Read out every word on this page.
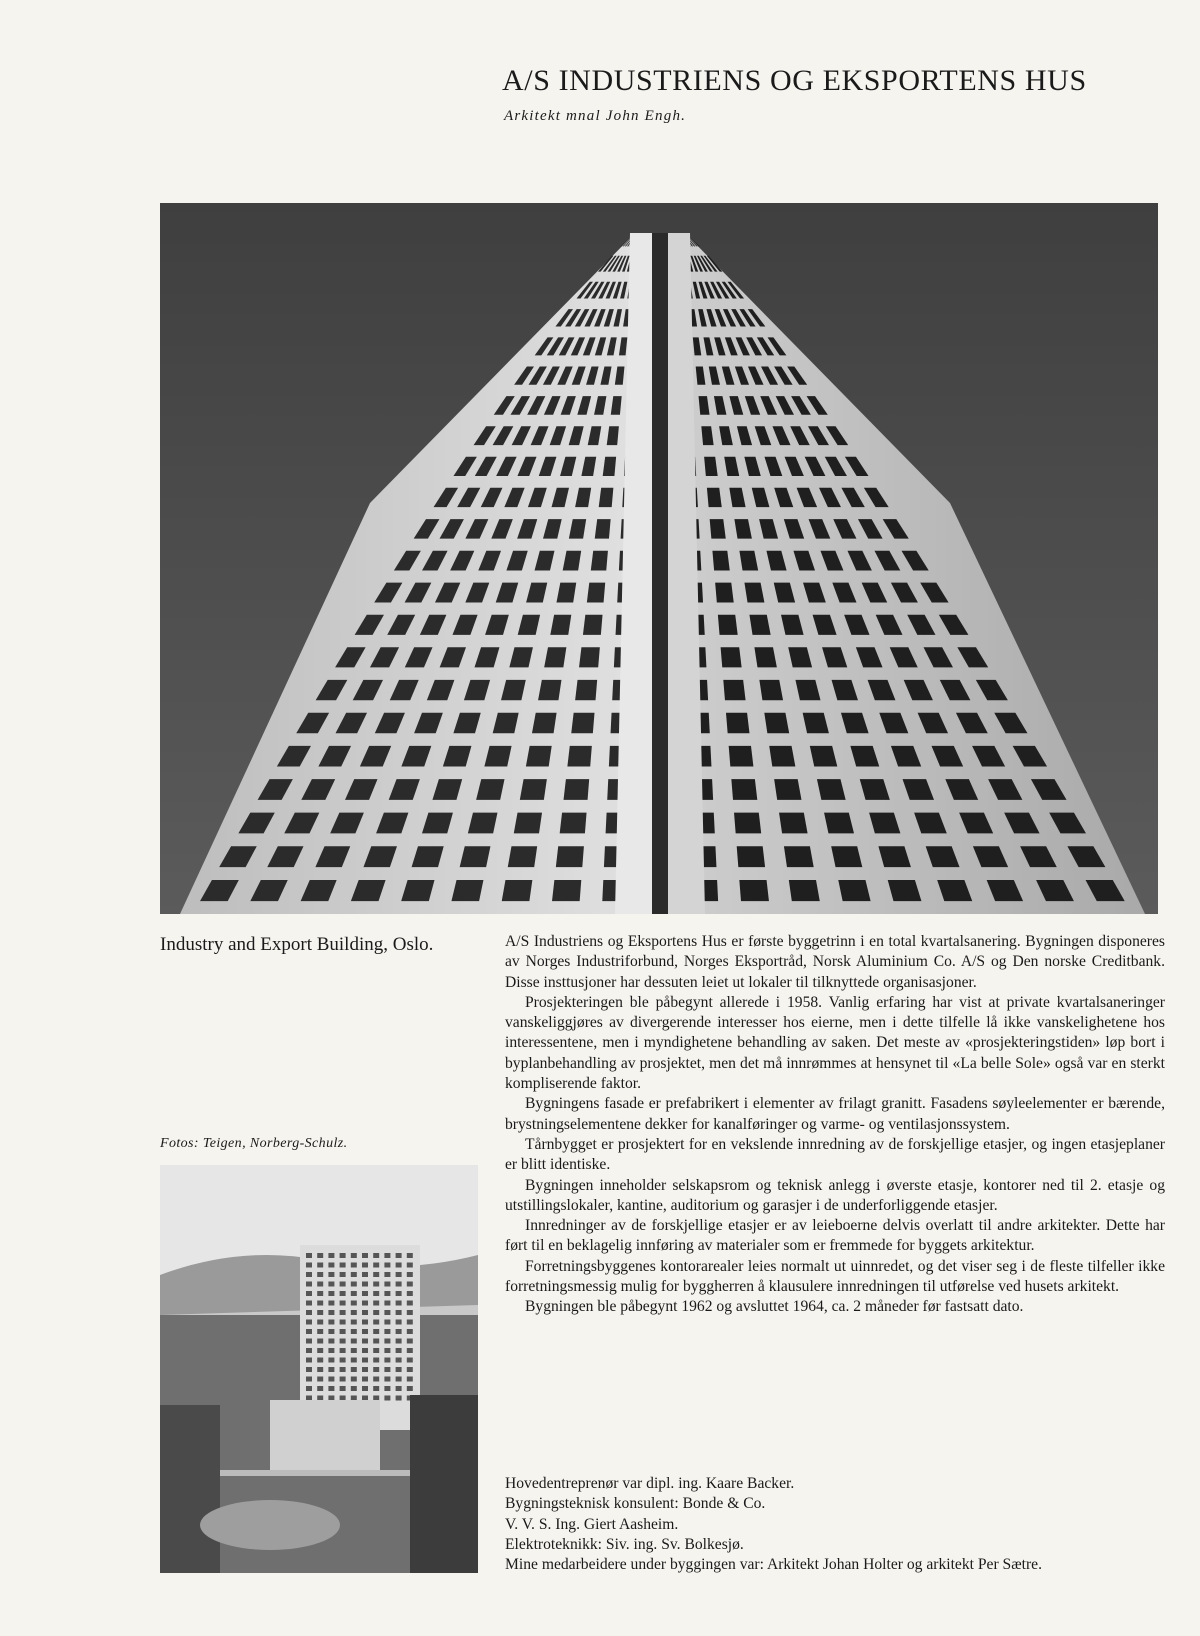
A/S INDUSTRIENS OG EKSPORTENS HUS
Arkitekt mnal John Engh.
Industry and Export Building, Oslo.
Fotos: Teigen, Norberg-Schulz.

A/S Industriens og Eksportens Hus er første byggetrinn i en total kvartalsanering. Bygningen disponeres av Norges Industriforbund, Norges Eksportråd, Norsk Aluminium Co. A/S og Den norske Creditbank. Disse insttusjoner har dessuten leiet ut lokaler til tilknyttede organisasjoner.

Prosjekteringen ble påbegynt allerede i 1958. Vanlig erfaring har vist at private kvartalsaneringer vanskeliggjøres av divergerende interesser hos eierne, men i dette tilfelle lå ikke vanskelighetene hos interessentene, men i myndighetene behandling av saken. Det meste av «prosjekteringstiden» løp bort i byplanbehandling av prosjektet, men det må innrømmes at hensynet til «La belle Sole» også var en sterkt kompliserende faktor.

Bygningens fasade er prefabrikert i elementer av frilagt granitt. Fasadens søyleelementer er bærende, brystningselementene dekker for kanalføringer og varme- og ventilasjonssystem.

Tårnbygget er prosjektert for en vekslende innredning av de forskjellige etasjer, og ingen etasjeplaner er blitt identiske.

Bygningen inneholder selskapsrom og teknisk anlegg i øverste etasje, kontorer ned til 2. etasje og utstillingslokaler, kantine, auditorium og garasjer i de underforliggende etasjer.

Innredninger av de forskjellige etasjer er av leieboerne delvis overlatt til andre arkitekter. Dette har ført til en beklagelig innføring av materialer som er fremmede for byggets arkitektur.

Forretningsbyggenes kontorarealer leies normalt ut uinnredet, og det viser seg i de fleste tilfeller ikke forretningsmessig mulig for byggherren å klausulere innredningen til utførelse ved husets arkitekt.

Bygningen ble påbegynt 1962 og avsluttet 1964, ca. 2 måneder før fastsatt dato.

Hovedentreprenør var dipl. ing. Kaare Backer.
Bygningsteknisk konsulent: Bonde & Co.
V. V. S. Ing. Giert Aasheim.
Elektroteknikk: Siv. ing. Sv. Bolkesjø.
Mine medarbeidere under byggingen var: Arkitekt Johan Holter og arkitekt Per Sætre.
